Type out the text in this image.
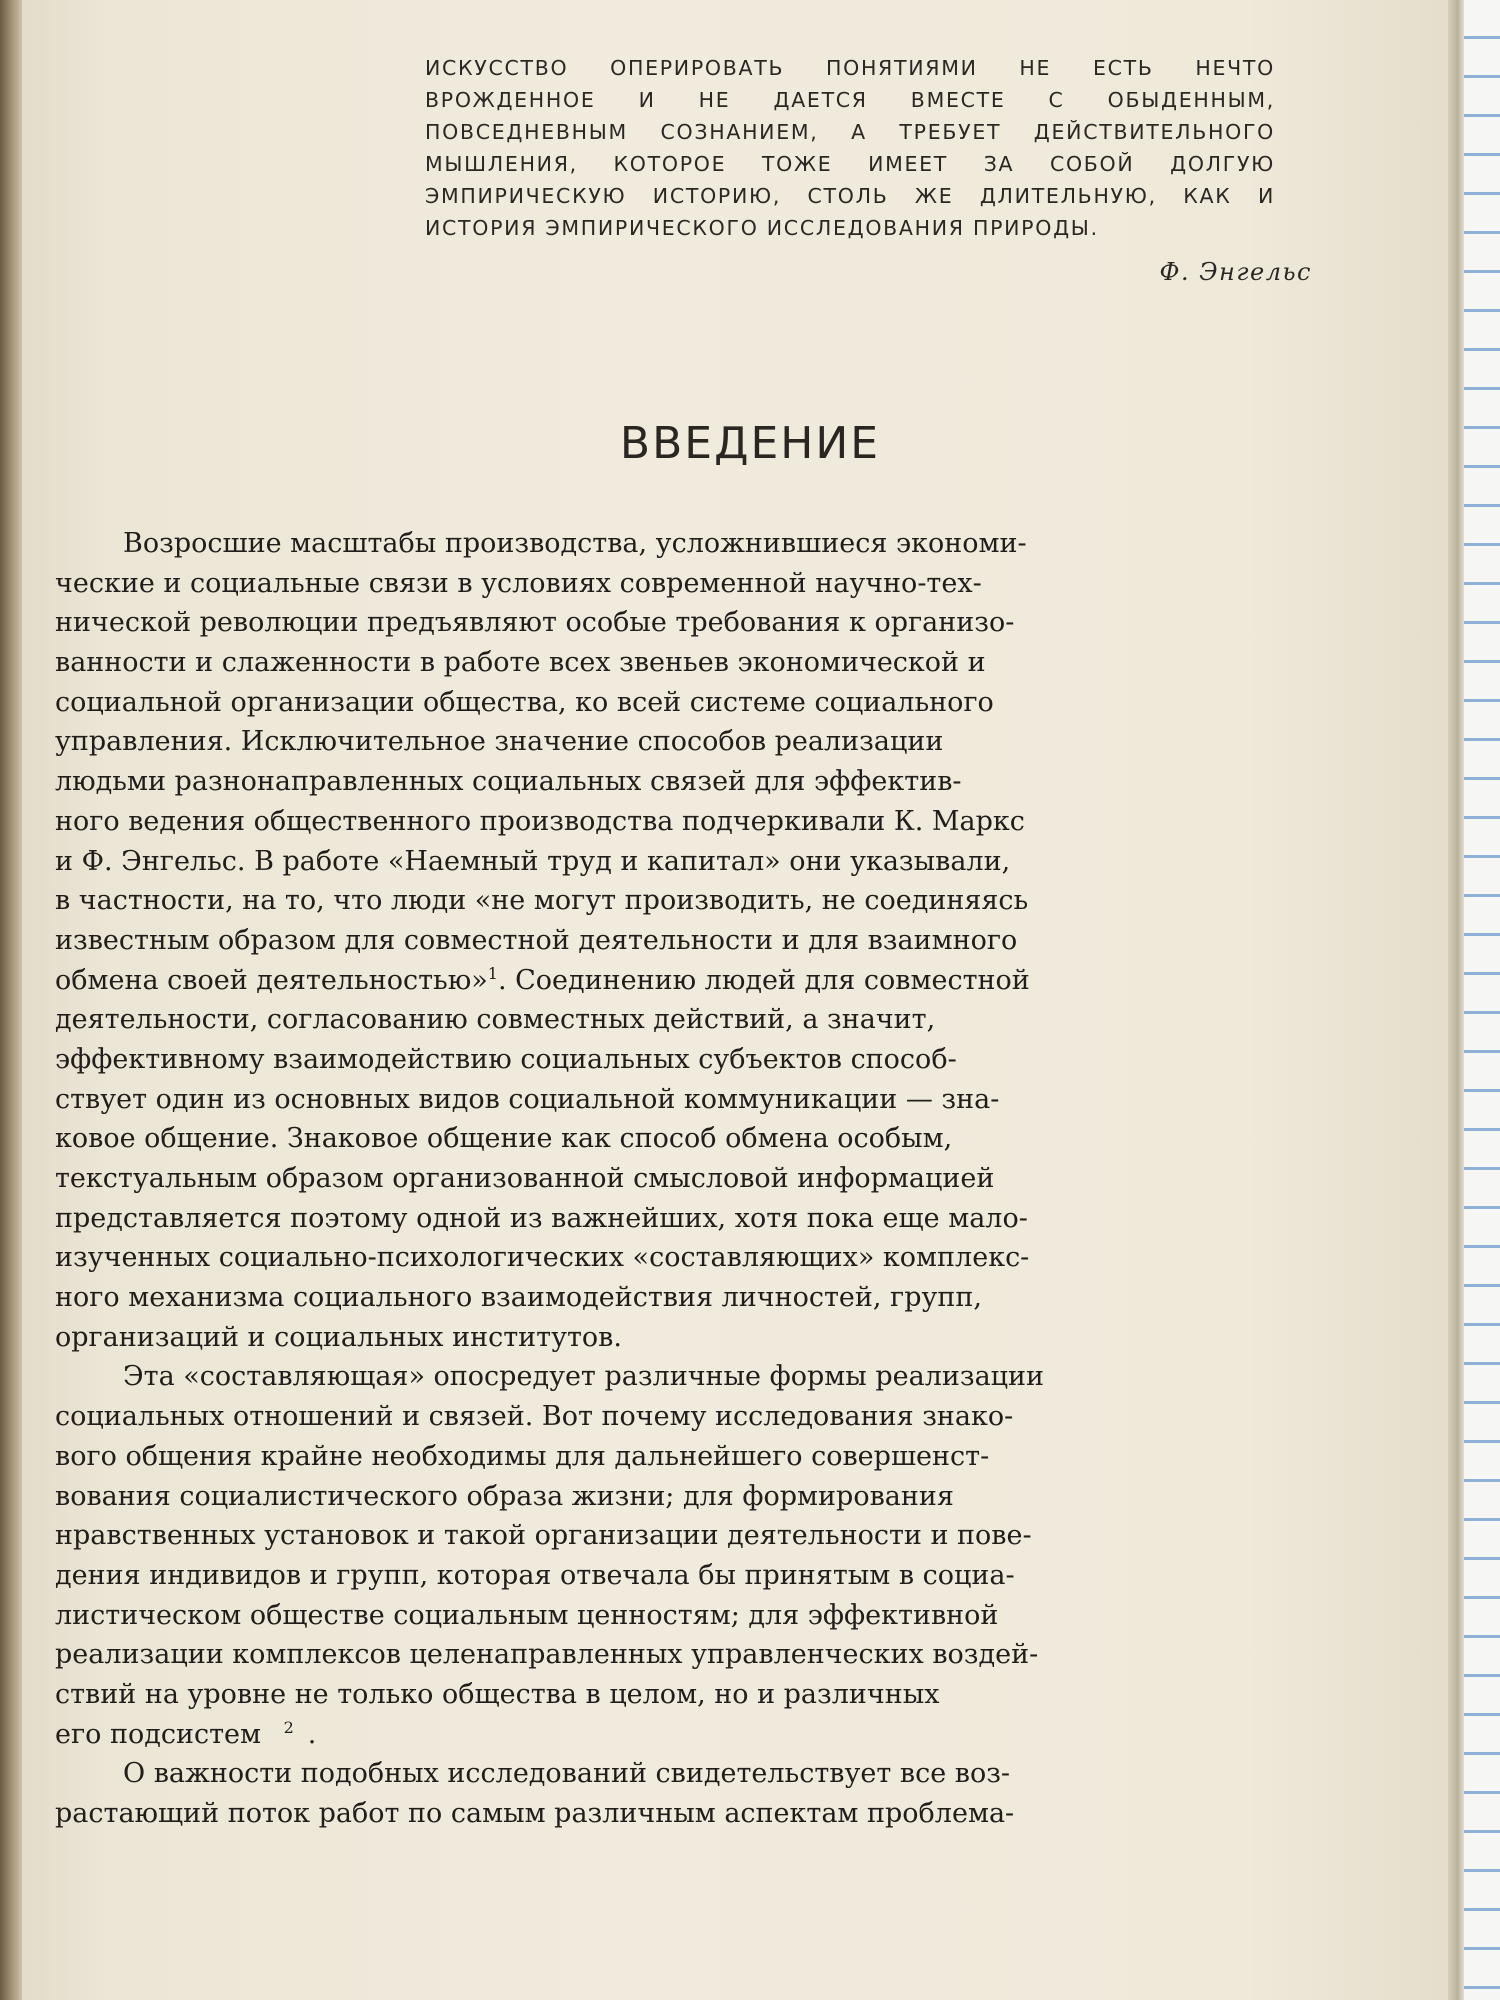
ИСКУССТВО ОПЕРИРОВАТЬ ПОНЯТИЯМИ НЕ ЕСТЬ НЕЧТО ВРОЖДЕННОЕ И НЕ ДАЕТСЯ ВМЕСТЕ С ОБЫДЕННЫМ, ПОВСЕДНЕВНЫМ СОЗНАНИЕМ, А ТРЕБУЕТ ДЕЙСТВИТЕЛЬНОГО МЫШЛЕНИЯ, КОТОРОЕ ТОЖЕ ИМЕЕТ ЗА СОБОЙ ДОЛГУЮ ЭМПИРИЧЕСКУЮ ИСТОРИЮ, СТОЛЬ ЖЕ ДЛИТЕЛЬНУЮ, КАК И ИСТОРИЯ ЭМПИРИЧЕСКОГО ИССЛЕДОВАНИЯ ПРИРОДЫ.
Ф. Энгельс
ВВЕДЕНИЕ
Возросшие масштабы производства, усложнившиеся экономи-
ческие и социальные связи в условиях современной научно-тех-
нической революции предъявляют особые требования к организо-
ванности и слаженности в работе всех звеньев экономической и
социальной организации общества, ко всей системе социального
управления. Исключительное значение способов реализации
людьми разнонаправленных социальных связей для эффектив-
ного ведения общественного производства подчеркивали К. Маркс
и Ф. Энгельс. В работе «Наемный труд и капитал» они указывали,
в частности, на то, что люди «не могут производить, не соединяясь
известным образом для совместной деятельности и для взаимного
обмена своей деятельностью»$^1$. Соединению людей для совместной
деятельности, согласованию совместных действий, а значит,
эффективному взаимодействию социальных субъектов способ-
ствует один из основных видов социальной коммуникации — зна-
ковое общение. Знаковое общение как способ обмена особым,
текстуальным образом организованной смысловой информацией
представляется поэтому одной из важнейших, хотя пока еще мало-
изученных социально-психологических «составляющих» комплекс-
ного механизма социального взаимодействия личностей, групп,
организаций и социальных институтов.
Эта «составляющая» опосредует различные формы реализации
социальных отношений и связей. Вот почему исследования знако-
вого общения крайне необходимы для дальнейшего совершенст-
вования социалистического образа жизни; для формирования
нравственных установок и такой организации деятельности и пове-
дения индивидов и групп, которая отвечала бы принятым в социа-
листическом обществе социальным ценностям; для эффективной
реализации комплексов целенаправленных управленческих воздей-
ствий на уровне не только общества в целом, но и различных
его подсистем $^2$ .
О важности подобных исследований свидетельствует все воз-
растающий поток работ по самым различным аспектам проблема-
